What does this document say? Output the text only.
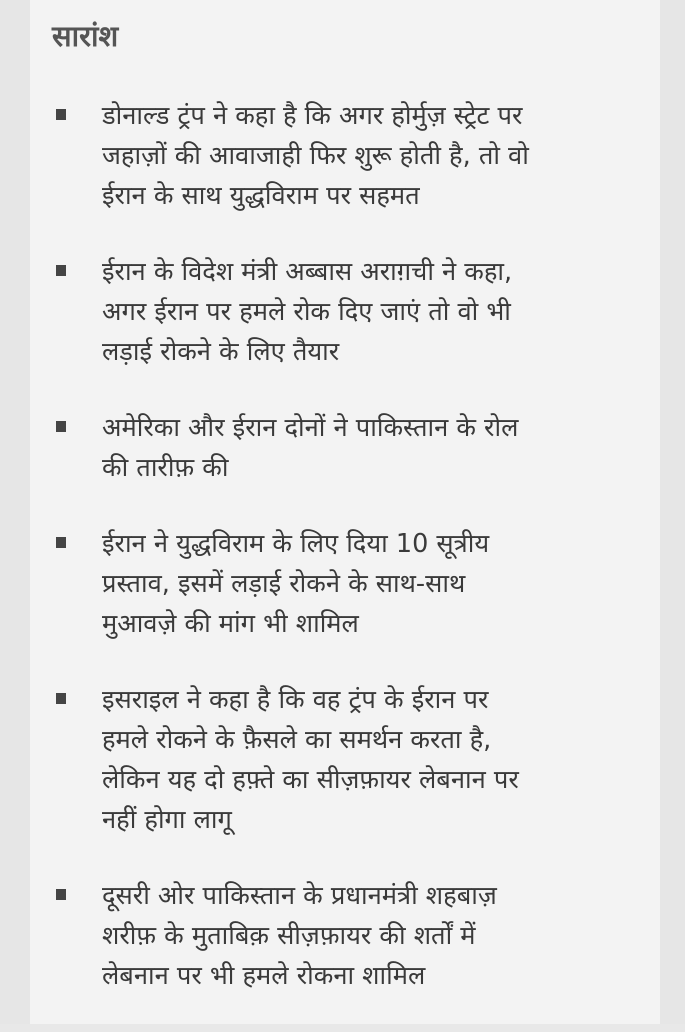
सारांश
डोनाल्ड ट्रंप ने कहा है कि अगर होर्मुज़ स्ट्रेट पर
जहाज़ों की आवाजाही फिर शुरू होती है, तो वो
ईरान के साथ युद्धविराम पर सहमत
ईरान के विदेश मंत्री अब्बास अराग़ची ने कहा,
अगर ईरान पर हमले रोक दिए जाएं तो वो भी
लड़ाई रोकने के लिए तैयार
अमेरिका और ईरान दोनों ने पाकिस्तान के रोल
की तारीफ़ की
ईरान ने युद्धविराम के लिए दिया 10 सूत्रीय
प्रस्ताव, इसमें लड़ाई रोकने के साथ-साथ
मुआवज़े की मांग भी शामिल
इसराइल ने कहा है कि वह ट्रंप के ईरान पर
हमले रोकने के फ़ैसले का समर्थन करता है,
लेकिन यह दो हफ़्ते का सीज़फ़ायर लेबनान पर
नहीं होगा लागू
दूसरी ओर पाकिस्तान के प्रधानमंत्री शहबाज़
शरीफ़ के मुताबिक़ सीज़फ़ायर की शर्तों में
लेबनान पर भी हमले रोकना शामिल
